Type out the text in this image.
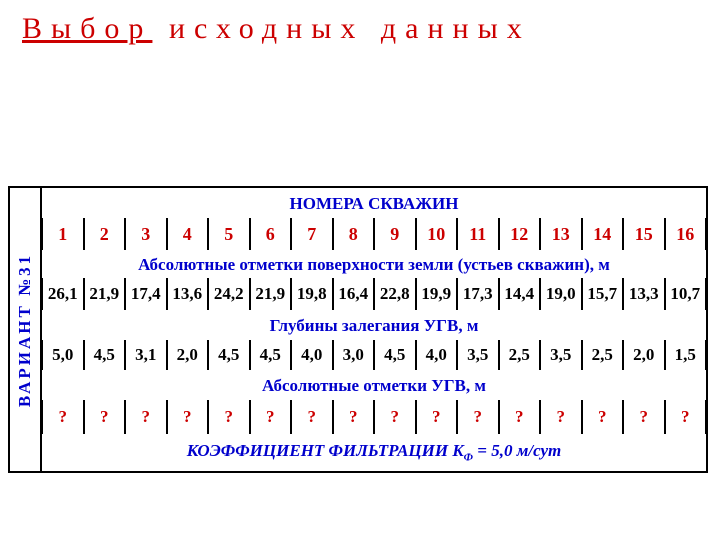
Выбор исходных данных
ВАРИАНТ №31
НОМЕРА СКВАЖИН
1	2	3	4	5	6	7	8	9	10	11	12	13	14	15	16
Абсолютные отметки поверхности земли (устьев скважин), м
26,1 21,9 17,4 13,6 24,2 21,9 19,8 16,4 22,8 19,9 17,3 14,4 19,0 15,7 13,3 10,7
Глубины залегания УГВ, м
5,0	4,5	3,1	2,0	4,5	4,5	4,0	3,0	4,5	4,0	3,5	2,5	3,5	2,5	2,0	1,5
Абсолютные отметки УГВ, м
?	?	?	?	?	?	?	?	?	?	?	?	?	?	?	?
КОЭФФИЦИЕНТ ФИЛЬТРАЦИИ $K_Ф = 5,0$ м/сут
